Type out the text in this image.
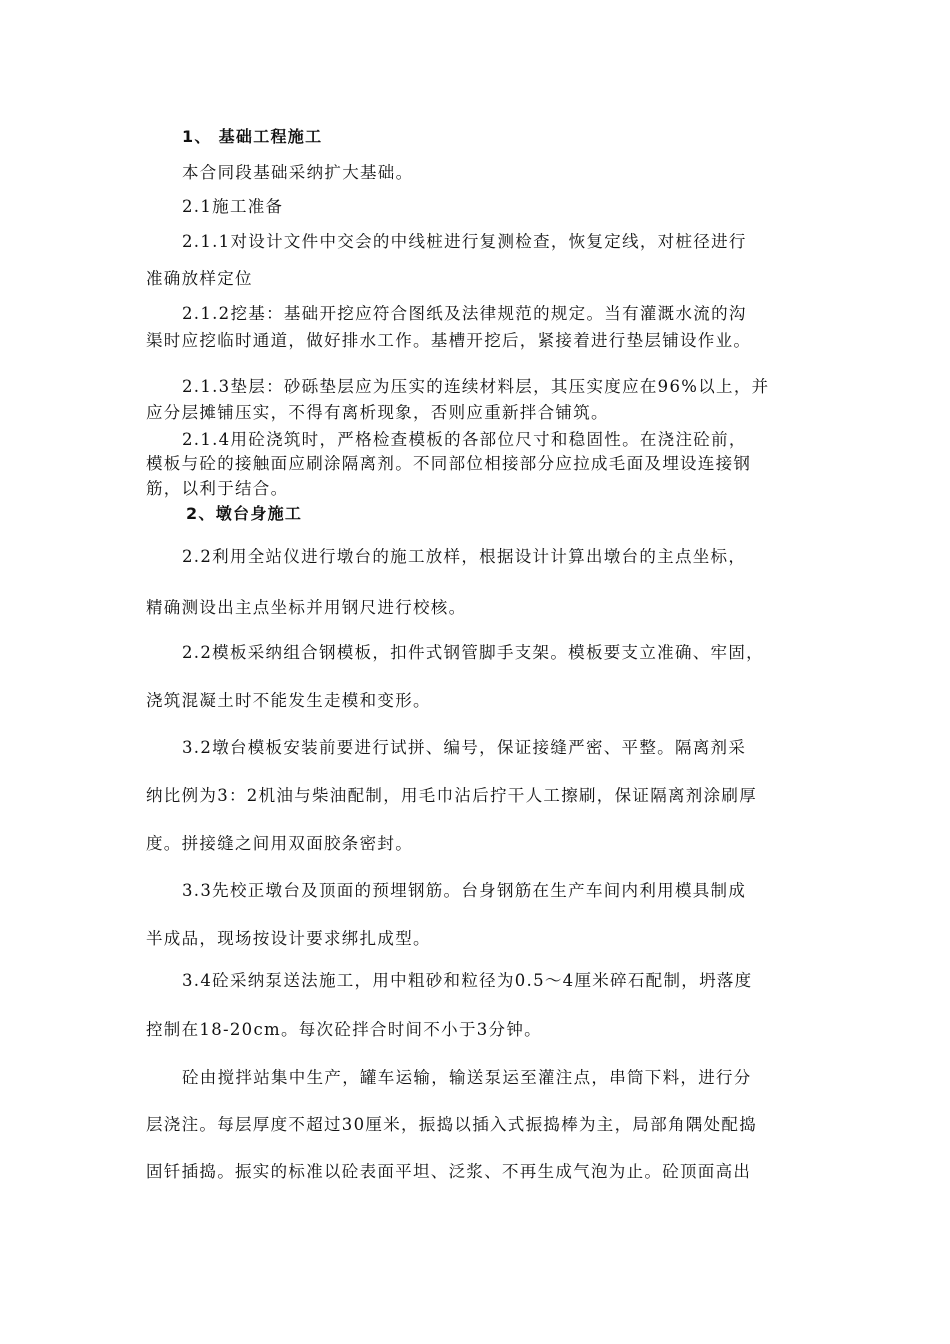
1、 基础工程施工
本合同段基础采纳扩大基础。
2.1施工准备
2.1.1对设计文件中交会的中线桩进行复测检查，恢复定线，对桩径进行
准确放样定位
2.1.2挖基：基础开挖应符合图纸及法律规范的规定。当有灌溉水流的沟
渠时应挖临时通道，做好排水工作。基槽开挖后，紧接着进行垫层铺设作业。
2.1.3垫层：砂砾垫层应为压实的连续材料层，其压实度应在96%以上，并
应分层摊铺压实，不得有离析现象，否则应重新拌合铺筑。
2.1.4用砼浇筑时，严格检查模板的各部位尺寸和稳固性。在浇注砼前，
模板与砼的接触面应刷涂隔离剂。不同部位相接部分应拉成毛面及埋设连接钢
筋，以利于结合。
2、墩台身施工
2.2利用全站仪进行墩台的施工放样，根据设计计算出墩台的主点坐标，
精确测设出主点坐标并用钢尺进行校核。
2.2模板采纳组合钢模板，扣件式钢管脚手支架。模板要支立准确、牢固，
浇筑混凝土时不能发生走模和变形。
3.2墩台模板安装前要进行试拼、编号，保证接缝严密、平整。隔离剂采
纳比例为3：2机油与柴油配制，用毛巾沾后拧干人工擦刷，保证隔离剂涂刷厚
度。拼接缝之间用双面胶条密封。
3.3先校正墩台及顶面的预埋钢筋。台身钢筋在生产车间内利用模具制成
半成品，现场按设计要求绑扎成型。
3.4砼采纳泵送法施工，用中粗砂和粒径为0.5～4厘米碎石配制，坍落度
控制在18-20cm。每次砼拌合时间不小于3分钟。
砼由搅拌站集中生产，罐车运输，输送泵运至灌注点，串筒下料，进行分
层浇注。每层厚度不超过30厘米，振捣以插入式振捣棒为主，局部角隅处配捣
固钎插捣。振实的标准以砼表面平坦、泛浆、不再生成气泡为止。砼顶面高出
